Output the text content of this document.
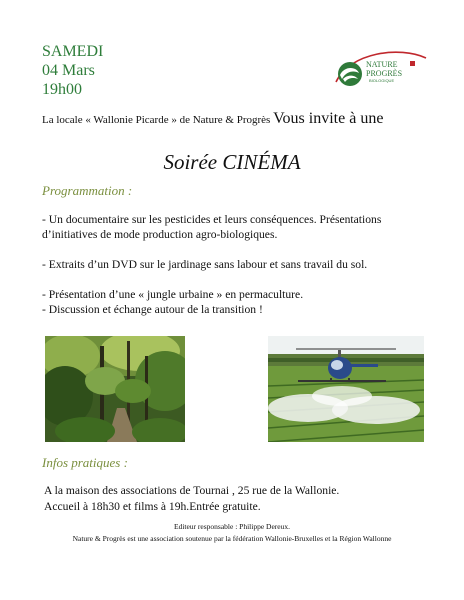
SAMEDI
04 Mars
19h00
NATURE
PROGRÈS
BIOLOGIQUE
La locale « Wallonie Picarde » de Nature & Progrès Vous invite à une
Soirée CINÉMA
Programmation :

- Un documentaire sur les pesticides et leurs conséquences. Présentations d’initiatives de mode production agro-biologiques.

- Extraits d’un DVD sur le jardinage sans labour et sans travail du sol.

- Présentation d’une « jungle urbaine » en permaculture.

- Discussion et échange autour de la transition !

Infos pratiques :

A la maison des associations de Tournai , 25 rue de la Wallonie.

Accueil à 18h30 et films à 19h.Entrée gratuite.

Editeur responsable : Philippe Dereux.

Nature & Progrès est une association soutenue par la fédération Wallonie-Bruxelles et la Région Wallonne
